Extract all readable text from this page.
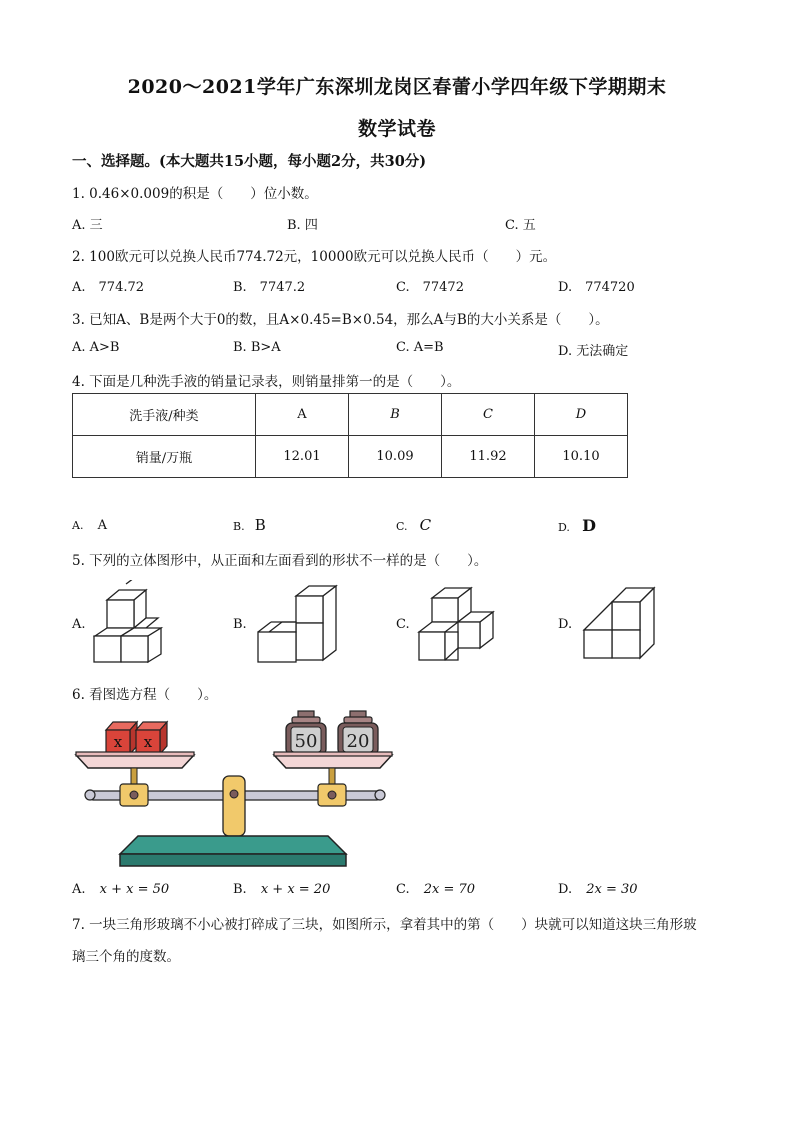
2020～2021学年广东深圳龙岗区春蕾小学四年级下学期期末
数学试卷
一、选择题。(本大题共15小题，每小题2分，共30分)
1. 0.46×0.009的积是（　　）位小数。
A. 三	B. 四	C. 五
2. 100欧元可以兑换人民币774.72元，10000欧元可以兑换人民币（　　）元。
A.　774.72	B.　7747.2	C.　77472	D.　774720
3. 已知A、B是两个大于0的数，且A×0.45=B×0.54，那么A与B的大小关系是（　　）。
A. A>B	B. B>A	C. A=B	D. 无法确定
4. 下面是几种洗手液的销量记录表，则销量排第一的是（　　）。
洗手液/种类	A	B	C	D
销量/万瓶	12.01	10.09	11.92	10.10
A. A	B. B	C. C	D. D
5. 下列的立体图形中，从正面和左面看到的形状不一样的是（　　）。
A.	B.	C.	D.
6. 看图选方程（　　）。
x x	50 20
A. x + x = 50	B. x + x = 20	C. 2x = 70	D. 2x = 30
7. 一块三角形玻璃不小心被打碎成了三块，如图所示，拿着其中的第（　　）块就可以知道这块三角形玻
璃三个角的度数。
